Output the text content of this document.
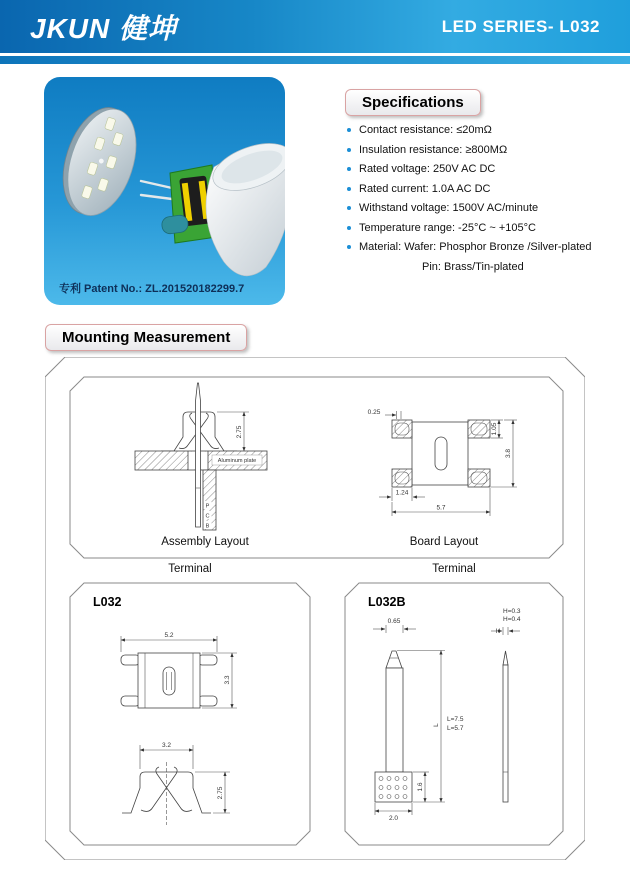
JKUN 健坤	LED SERIES- L032
专利 Patent No.: ZL.201520182299.7
Specifications
Contact resistance: ≤20mΩ
Insulation resistance: ≥800MΩ
Rated voltage: 250V AC DC
Rated current: 1.0A AC DC
Withstand voltage: 1500V AC/minute
Temperature range: -25°C ~ +105°C
Material: Wafer: Phosphor Bronze /Silver-plated
Pin: Brass/Tin-plated
Mounting Measurement
Aluminum plate
P
C
B
2.75
Assembly Layout
0.25
1.05
3.8
1.24
5.7
Board Layout
Terminal	Terminal
L032
5.2
3.3
3.2
2.75
L032B
0.65
L
L=7.5
L=5.7
1.6
2.0
H=0.3
H=0.4
H
